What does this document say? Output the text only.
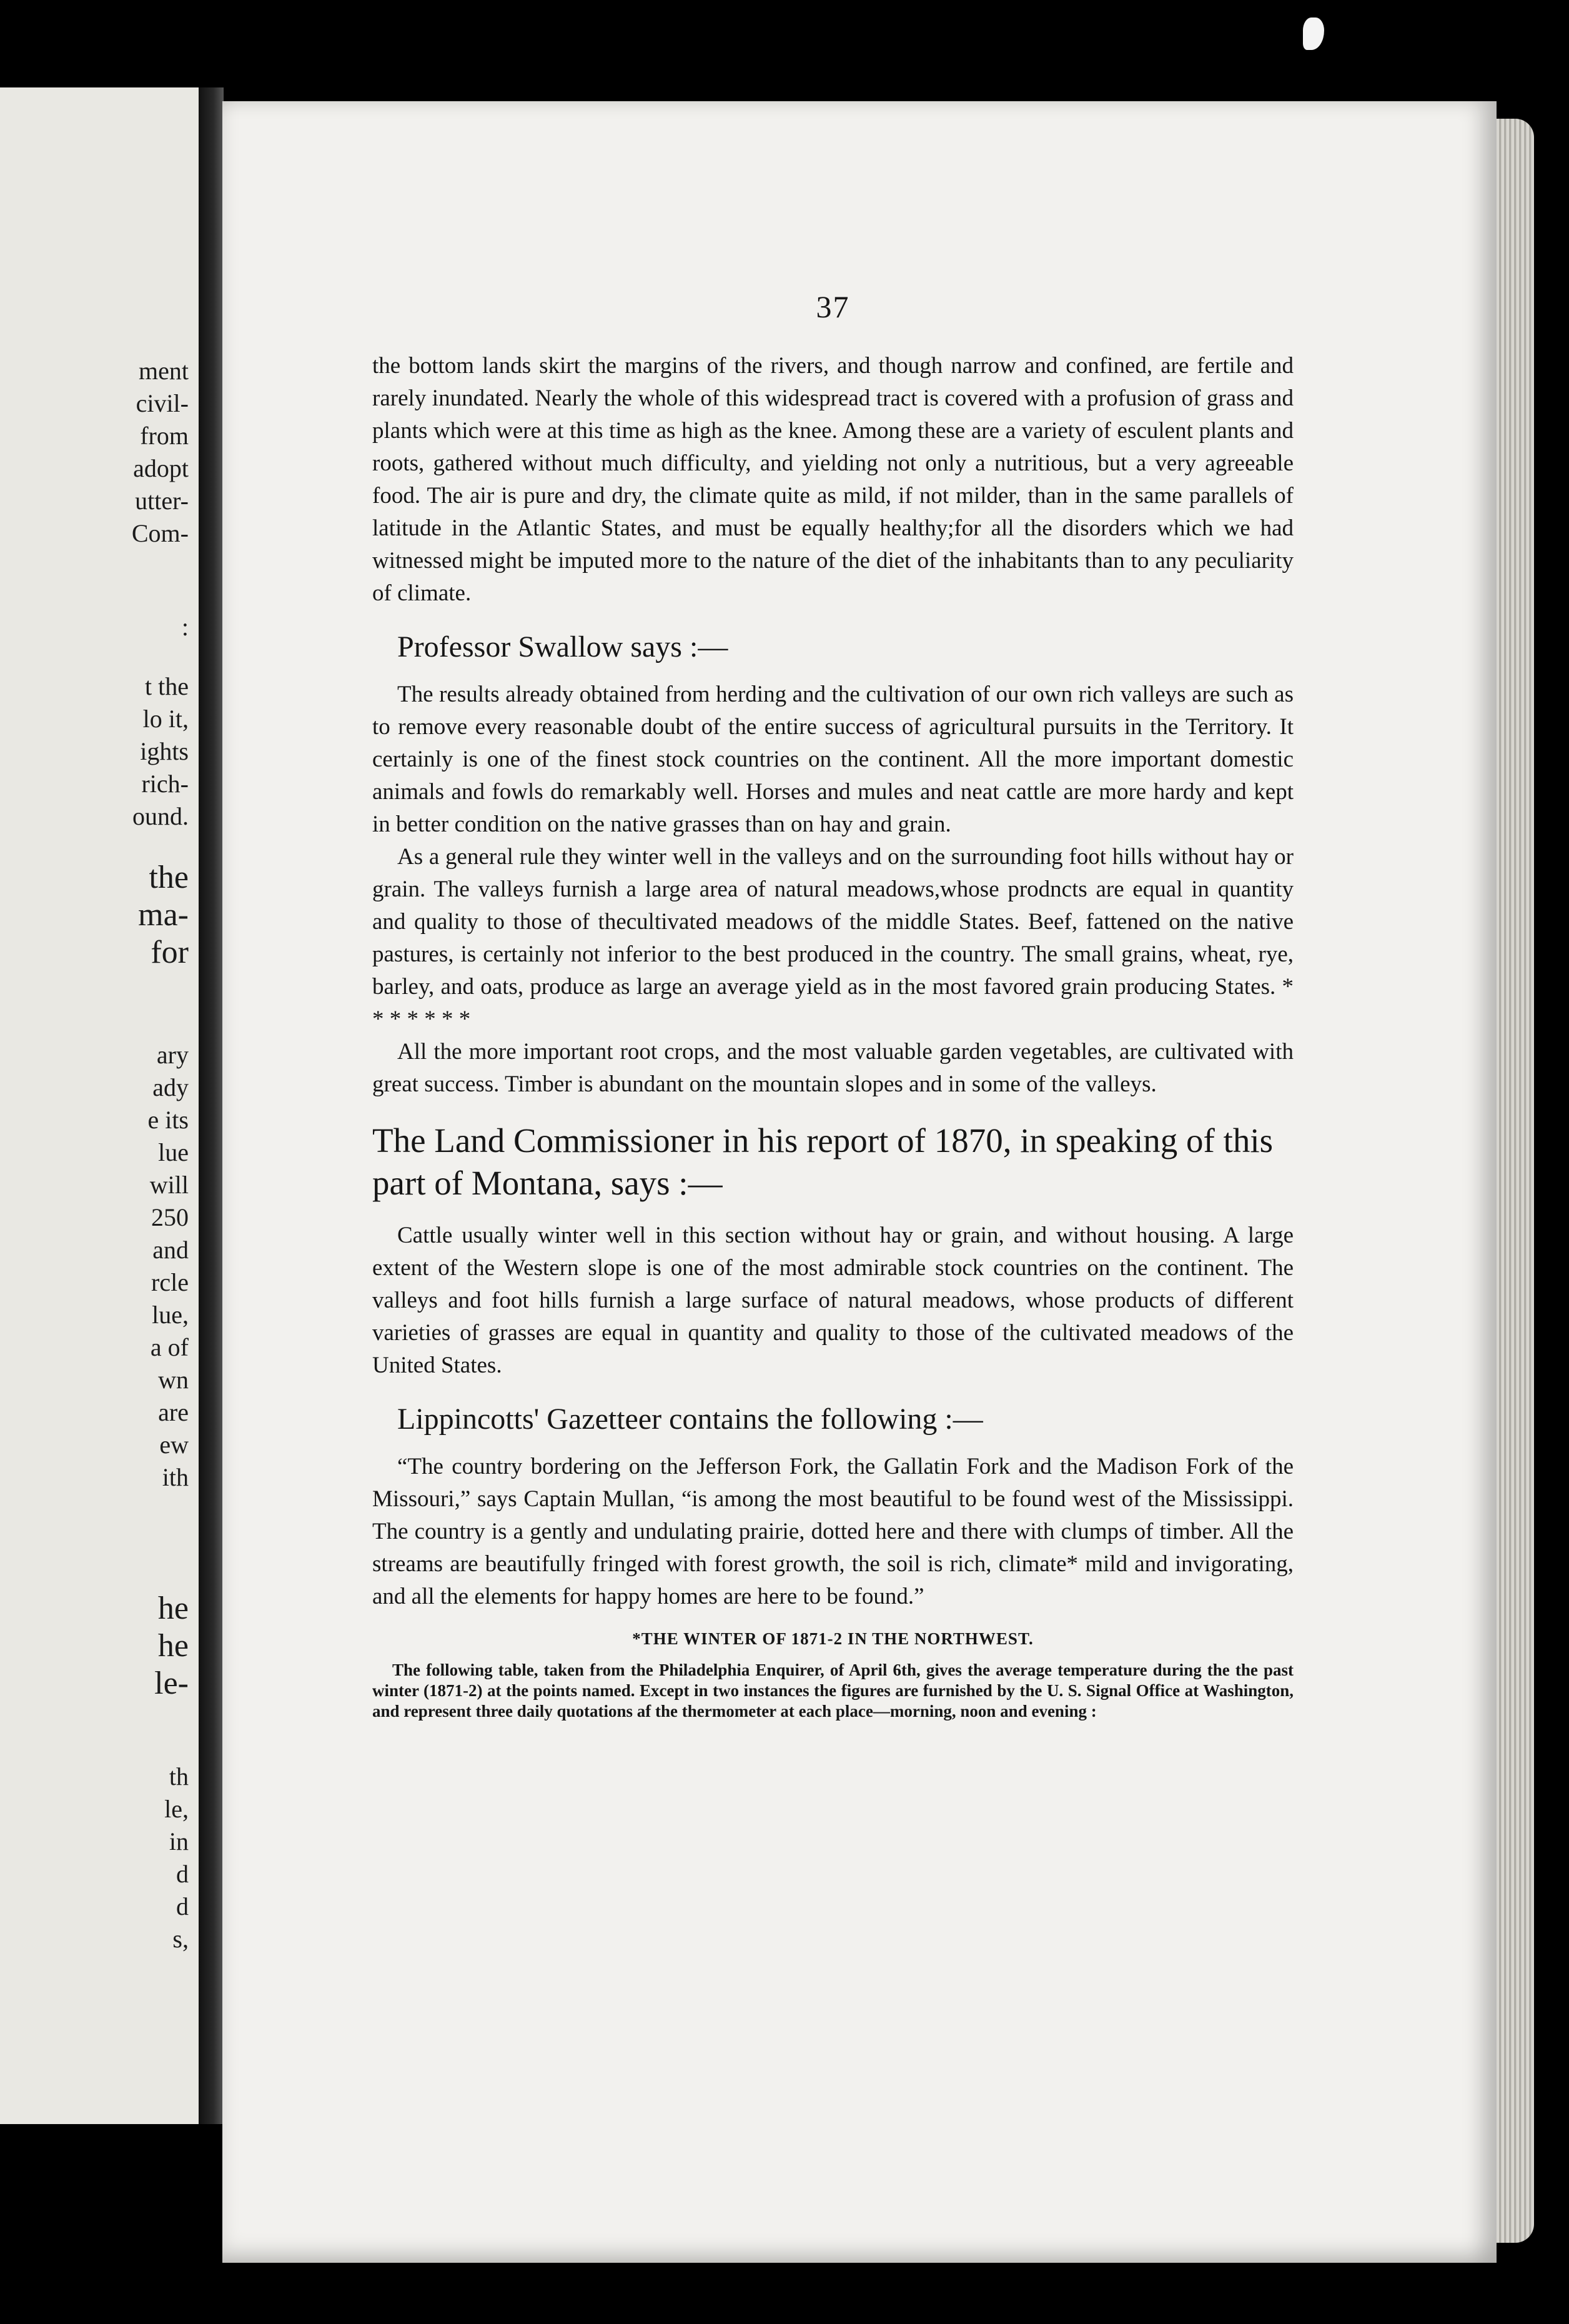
ment
civil-
from
adopt
utter-
Com-
:
t the
lo it,
ights
rich-
ound.
the
ma-
for
ary
ady
e its
lue
will
250
and
rcle
lue,
a of
wn
are
ew
ith
he
he
le-
th
le,
in
d
d
s,
37

the bottom lands skirt the margins of the rivers, and though narrow and confined, are fertile and rarely inundated. Nearly the whole of this widespread tract is covered with a profusion of grass and plants which were at this time as high as the knee. Among these are a variety of esculent plants and roots, gathered without much difficulty, and yielding not only a nutritious, but a very agreeable food. The air is pure and dry, the climate quite as mild, if not milder, than in the same parallels of latitude in the Atlantic States, and must be equally healthy;for all the disorders which we had witnessed might be imputed more to the nature of the diet of the inhabitants than to any peculiarity of climate.

Professor Swallow says :—

The results already obtained from herding and the cultivation of our own rich valleys are such as to remove every reasonable doubt of the entire success of agricultural pursuits in the Territory. It certainly is one of the finest stock countries on the continent. All the more important domestic animals and fowls do remarkably well. Horses and mules and neat cattle are more hardy and kept in better condition on the native grasses than on hay and grain.

As a general rule they winter well in the valleys and on the surrounding foot hills without hay or grain. The valleys furnish a large area of natural meadows,whose prodncts are equal in quantity and quality to those of thecultivated meadows of the middle States. Beef, fattened on the native pastures, is certainly not inferior to the best produced in the country. The small grains, wheat, rye, barley, and oats, produce as large an average yield as in the most favored grain producing States. * * * * * * *

All the more important root crops, and the most valuable garden vegetables, are cultivated with great success. Timber is abundant on the mountain slopes and in some of the valleys.

The Land Commissioner in his report of 1870, in speaking of this part of Montana, says :—

Cattle usually winter well in this section without hay or grain, and without housing. A large extent of the Western slope is one of the most admirable stock countries on the continent. The valleys and foot hills furnish a large surface of natural meadows, whose products of different varieties of grasses are equal in quantity and quality to those of the cultivated meadows of the United States.

Lippincotts' Gazetteer contains the following :—

“The country bordering on the Jefferson Fork, the Gallatin Fork and the Madison Fork of the Missouri,” says Captain Mullan, “is among the most beautiful to be found west of the Mississippi. The country is a gently and undulating prairie, dotted here and there with clumps of timber. All the streams are beautifully fringed with forest growth, the soil is rich, climate* mild and invigorating, and all the elements for happy homes are here to be found.”

*THE WINTER OF 1871-2 IN THE NORTHWEST.

The following table, taken from the Philadelphia Enquirer, of April 6th, gives the average temperature during the the past winter (1871-2) at the points named. Except in two instances the figures are furnished by the U. S. Signal Office at Washington, and represent three daily quotations af the thermometer at each place—morning, noon and evening :
